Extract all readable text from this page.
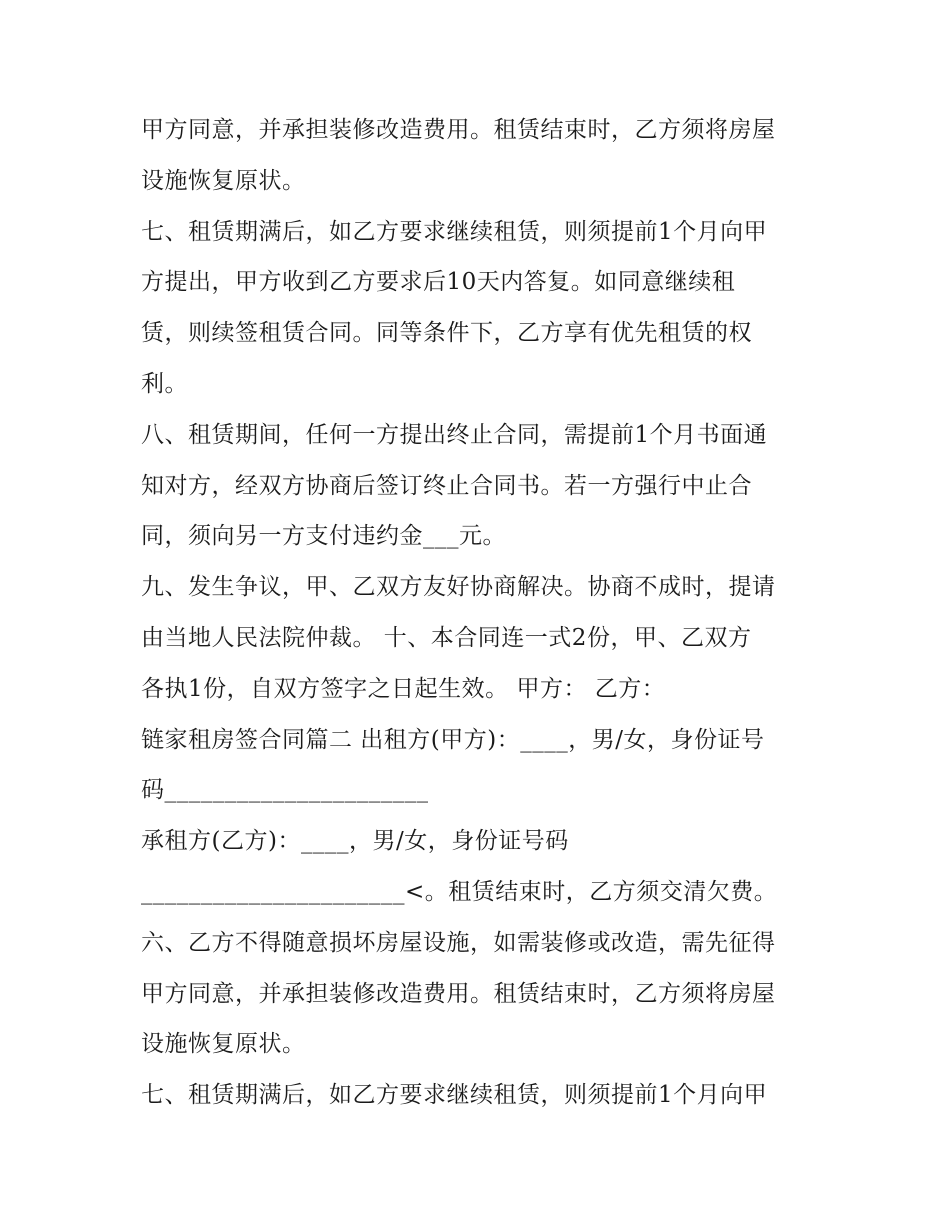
甲方同意，并承担装修改造费用。租赁结束时，乙方须将房屋
设施恢复原状。
七、租赁期满后，如乙方要求继续租赁，则须提前1个月向甲
方提出，甲方收到乙方要求后10天内答复。如同意继续租
赁，则续签租赁合同。同等条件下，乙方享有优先租赁的权
利。
八、租赁期间，任何一方提出终止合同，需提前1个月书面通
知对方，经双方协商后签订终止合同书。若一方强行中止合
同，须向另一方支付违约金___元。
九、发生争议，甲、乙双方友好协商解决。协商不成时，提请
由当地人民法院仲裁。 十、本合同连一式2份，甲、乙双方
各执1份，自双方签字之日起生效。 甲方： 乙方：
链家租房签合同篇二 出租方(甲方)：____，男/女，身份证号
码______________________
承租方(乙方)：____，男/女，身份证号码
______________________<。租赁结束时，乙方须交清欠费。
六、乙方不得随意损坏房屋设施，如需装修或改造，需先征得
甲方同意，并承担装修改造费用。租赁结束时，乙方须将房屋
设施恢复原状。
七、租赁期满后，如乙方要求继续租赁，则须提前1个月向甲
